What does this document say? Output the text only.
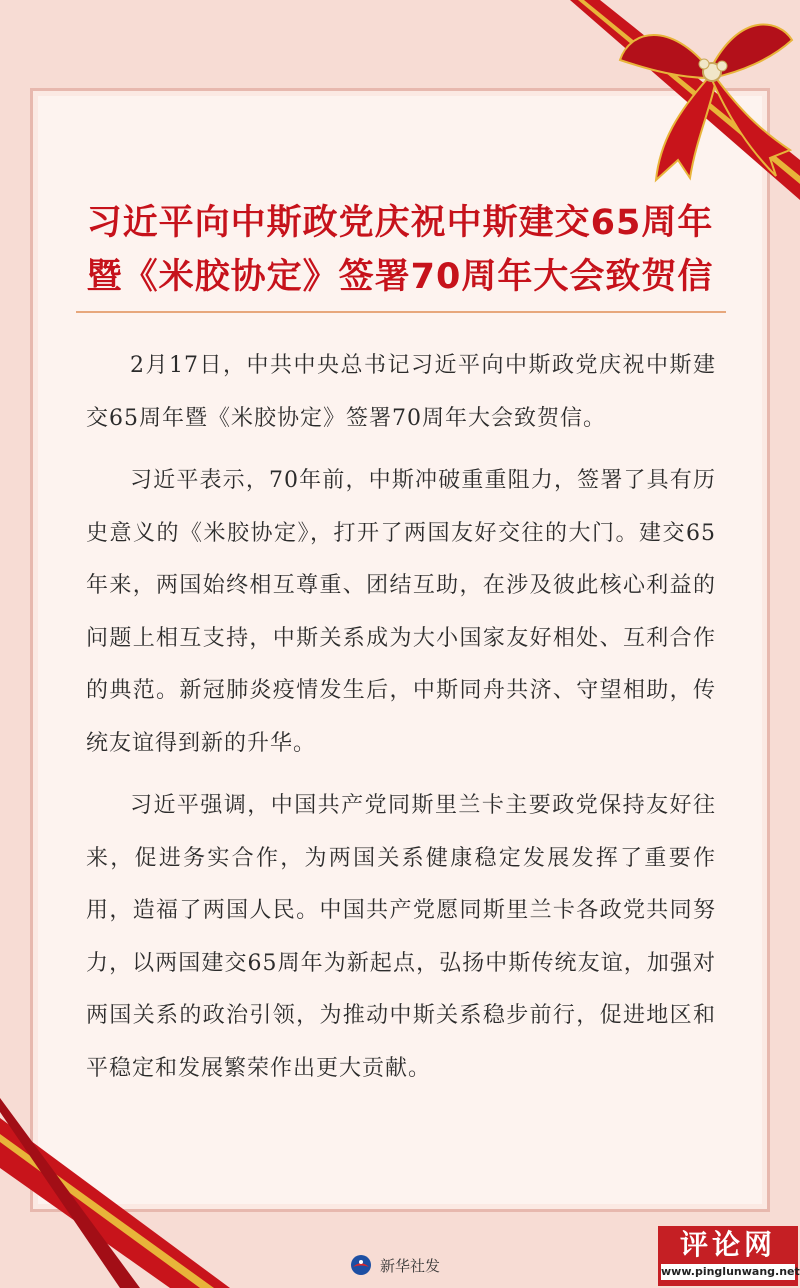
习近平向中斯政党庆祝中斯建交65周年
暨《米胶协定》签署70周年大会致贺信

2月17日，中共中央总书记习近平向中斯政党庆祝中斯建交65周年暨《米胶协定》签署70周年大会致贺信。

习近平表示，70年前，中斯冲破重重阻力，签署了具有历史意义的《米胶协定》，打开了两国友好交往的大门。建交65年来，两国始终相互尊重、团结互助，在涉及彼此核心利益的问题上相互支持，中斯关系成为大小国家友好相处、互利合作的典范。新冠肺炎疫情发生后，中斯同舟共济、守望相助，传统友谊得到新的升华。

习近平强调，中国共产党同斯里兰卡主要政党保持友好往来，促进务实合作，为两国关系健康稳定发展发挥了重要作用，造福了两国人民。中国共产党愿同斯里兰卡各政党共同努力，以两国建交65周年为新起点，弘扬中斯传统友谊，加强对两国关系的政治引领，为推动中斯关系稳步前行，促进地区和平稳定和发展繁荣作出更大贡献。

新华社发
评论网
www.pinglunwang.net
